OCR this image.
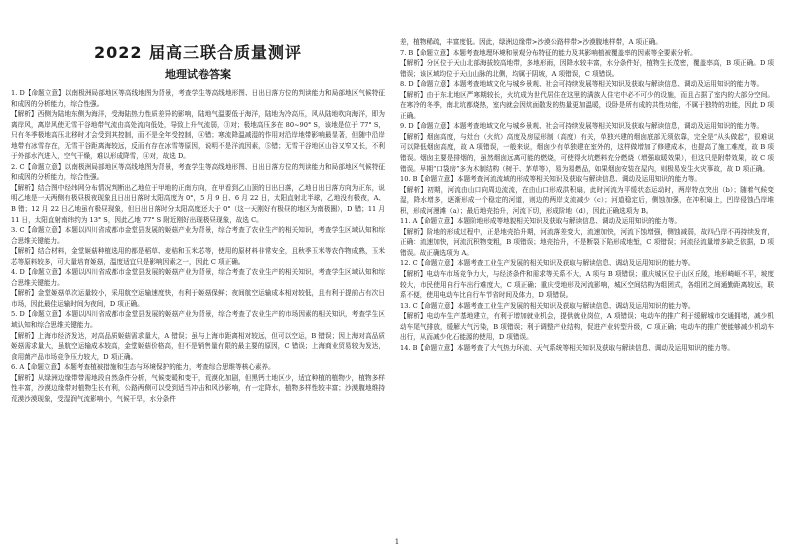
2022 届高三联合质量测评
地理试卷答案

1. D【命题立意】以南极洲局部地区等高线地图为背景，考查学生等高线地形图、日出日落方位的判读能力和局部地区气候特征和成因的分析能力，综合性强。

【解析】西侧为陆地东侧为海洋，受海陆热力性质差异的影响，陆地气温要低于海洋，陆地为冷高压，风从陆地吹向海洋，即为离岸风，离岸风使无雪干谷地带气流由高处流向低处，导致上升气流弱，③对；极地高压多在 80~90° S，该地是位于 77° S，只有冬季极地高压北移时才会受到其控制，而不是全年受控制，④错；寒流降温减湿的作用对沿岸地带影响最显著，但随中沿岸地带有冰雪存在，无雪干谷距离海较远，反而有存在冰雪等原因，说明不是洋流因素，⑤错；无雪干谷地区山谷又窄又长，不利于外部水汽进入，空气干燥，难以形成降雪，④对，故选 D。

2. C【命题立意】以南极洲局部地区等高线地图为背景，考查学生等高线地形图、日出日落方位的判读能力和局部地区气候特征和成因的分析能力，综合性强。

【解析】结合图中经纬网分布情况判断出乙地位于甲地的正南方向，在甲看到乙山顶的日出日落，乙地日出日落方向为正东，说明乙地是一天两侧有极昼极夜现象且日出日落时太阳高度为 0°，5 月 9 日、6 月 22 日，太阳直射北半球，乙地没有极夜，A、B 错；12 月 22 日乙地虽有极昼现象，但日出日落时分太阳高度还大于 0°（这一天刚好有极昼的地区为南极圈），D 错；11 月 11 日，太阳直射南纬约为 13° S，因此乙地 77° S 附近刚好出现极昼现象，故选 C。

3. C【命题立意】本题以四川省成都市金堂县发展的姬菇产业为背景，综合考查了农业生产的相关知识，考查学生区域认知和综合思维关键能力。

【解析】结合材料，金堂姬菇种植选用的都是稻草、麦秸和玉米芯等，使用的原材料非常安全，且秋季玉米等农作物成熟，玉米芯等原料较多，可大量培育姬菇，温度适宜只是影响因素之一，因此 C 项正确。

4. D【命题立意】本题以四川省成都市金堂县发展的姬菇产业为背景，综合考查了农业生产的相关知识，考查学生区域认知和综合思维关键能力。

【解析】金堂姬菇单次运量较小，采用航空运输速度快，有利于姬菇保鲜；夜间航空运输成本相对较低，且有利于提前占有次日市场，因此最佳运输时间为夜间，D 项正确。

5. D【命题立意】本题以四川省成都市金堂县发展的姬菇产业为背景，综合考查了农业生产的市场因素的相关知识，考查学生区域认知和综合思维关键能力。

【解析】上海市经济发达，对高品质姬菇需求量大，A 错误；虽与上海市距离相对较远，但可以空运，B 错误；因上海对高品质姬菇需求量大，虽航空运输成本较高，金堂姬菇价格高，但不是销售量有限的最主要的原因，C 错误；上海商业贸易较为发达，食用菌产品市场竞争压力较大，D 项正确。

6. A【命题立意】本题考查植被措施和生态与环境保护的能力，考查综合思维等核心素养。

【解析】从绿洲边缘带带需地段自然条件分析，气候变暖和变干，荒漠化加剧，但黑钙土地区少，适宜种植的植物少，植物多样性丰富，沙漠边缘带对植物生长有利，公路两侧可以受到适当冲击和风沙影响，有一定降水，植物多样性较丰富；沙漠腹地维持荒漠沙漠现象，受湿润气流影响小，气候干旱，水分条件

差，植物稀疏，丰富度低。因此，绿洲边缘带>沙漠公路样带>沙漠腹地样带，A 项正确。

7. B【命题立意】本题考查地理环境和景观分布特征的能力及其影响植被覆盖率的因素等全要素分析。

【解析】分区位于天山北部海拔较高地带，多地形雨，因降水较丰富，水分条件好，植物生长茂密，覆盖率高，B 项正确。D 项错误；该区域均位于天山山脉的北侧，均属于阴坡，A 项错误，C 项错误。

8. D【命题立意】本题考查地域文化与城乡景观、社会可持续发展等相关知识及获取与解读信息、调动及运用知识的能力等。

【解析】由于东北地区严寒期较长，火坑成为世代居住在这里的满族人住宅中必不可少的设施，而且占据了室内的大部分空间。在寒冷的冬季，南北坑都烧热，室内就会因炕面散发的热量更加温暖，设卧是所有成的共性功能，不属于独特的功能，因此 D 项正确。

9. D【命题立意】本题考查地域文化与城乡景观、社会可持续发展等相关知识及获取与解读信息，调动及运用知识的能力等。

【解析】烟囱高度，与灶台（火炕）高度及房屋形制（高度）有关，单独兴建的烟囱底部无须依靠，完全是“从头做起”，很难说可以降低烟囱高度，故 A 项错误，一般来说，烟囱少有单独建在室外的，这样做增加了修建成本，也提高了施工难度，故 B 项错误。烟囱主要是排烟的，虽然烟囱远离可能的燃烧，可使得火坑燃料充分燃烧（增强取暖效果），但这只是附带效果，故 C 项错误。早期“口袋房”多为木制结构（树干、茅草等），易为易燃品，如果烟囱安装在屋内，则极易发生火灾事故，故 D 项正确。

10. B【命题立意】本题考查河流流域的形成等相关知识及获取与解读信息、调动及运用知识的能力等。

【解析】初期，河流由山口向周边流流，在由山口形成洪积扇，此时河流为平缓状态运动时，两岸特点突出（b）；随着气候变湿，降水增多，逐渐形成一个稳定的河道，则边的两岸支流减少（c）；河道稳定后，侧蚀加强，在冲积扇上，凹岸侵蚀凸岸堆积，形成河漫滩（a）；最后地壳抬升，河流下切，形成阶地（d），因此正确选项为 B。

11. A【命题立意】本题阶地形成等地貌相关知识及获取与解读信息、调动及运用知识的能力等。

【解析】阶地的形成过程中，正是地壳抬升期，河流落差变大，流速加快，河流下蚀增强，侧蚀减弱，故四凸岸不再持续发育，正确：流速加快，河流沉积物变粗，B 项错误；地壳抬升，不是断裂下陷形成地堑，C 项错误；河流径流量增多缺乏依据，D 项错误。故正确选项为 A。

12. C【命题立意】本题考查工业生产发展的相关知识及获取与解读信息、调动及运用知识的能力等。

【解析】电动车市场竞争力大，与经济条件和需求等关系不大，A 项与 B 项错误；重庆城区位于山区丘陵，地形崎岖不平，坡度较大，市民使用自行车出行难度大，C 项正确；重庆受地形及河流影响，城区空间结构为组团式，各组团之间通勤距离较远，联系不便，使用电动车比自行车节省时间及体力，D 项错误。

13. C【命题立意】本题考查工业生产发展的相关知识及获取与解读信息、调动及运用知识的能力等。

【解析】电动车生产基地建立，有利于增加就业机会，提供就业岗位，A 项错误；电动车的推广利于缓解城市交通拥堵，减少机动车尾气排放，缓解大气污染，B 项错误；利于调整产业结构，促进产业转型升级，C 项正确；电动车的推广使能够减少机动车出行，从而减少化石能源的使用，D 项错误。

14. B【命题立意】本题考查了大气热力环流、天气系统等相关知识及获取与解读信息、调动及运用知识的能力等。

1
